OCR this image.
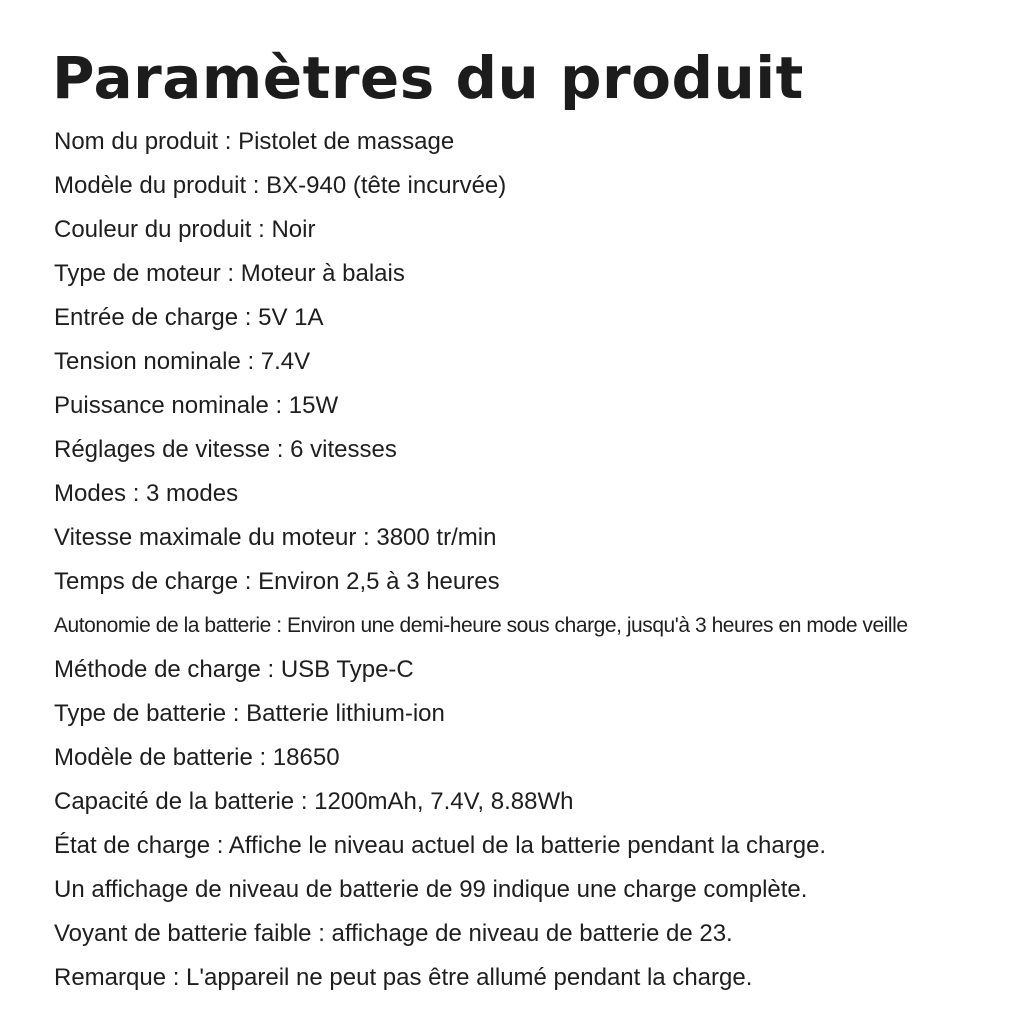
Paramètres du produit
Nom du produit : Pistolet de massage
Modèle du produit : BX-940 (tête incurvée)
Couleur du produit : Noir
Type de moteur : Moteur à balais
Entrée de charge : 5V 1A
Tension nominale : 7.4V
Puissance nominale : 15W
Réglages de vitesse : 6 vitesses
Modes : 3 modes
Vitesse maximale du moteur : 3800 tr/min
Temps de charge : Environ 2,5 à 3 heures
Autonomie de la batterie : Environ une demi-heure sous charge, jusqu'à 3 heures en mode veille
Méthode de charge : USB Type-C
Type de batterie : Batterie lithium-ion
Modèle de batterie : 18650
Capacité de la batterie : 1200mAh, 7.4V, 8.88Wh
État de charge : Affiche le niveau actuel de la batterie pendant la charge.
Un affichage de niveau de batterie de 99 indique une charge complète.
Voyant de batterie faible : affichage de niveau de batterie de 23.
Remarque : L'appareil ne peut pas être allumé pendant la charge.
